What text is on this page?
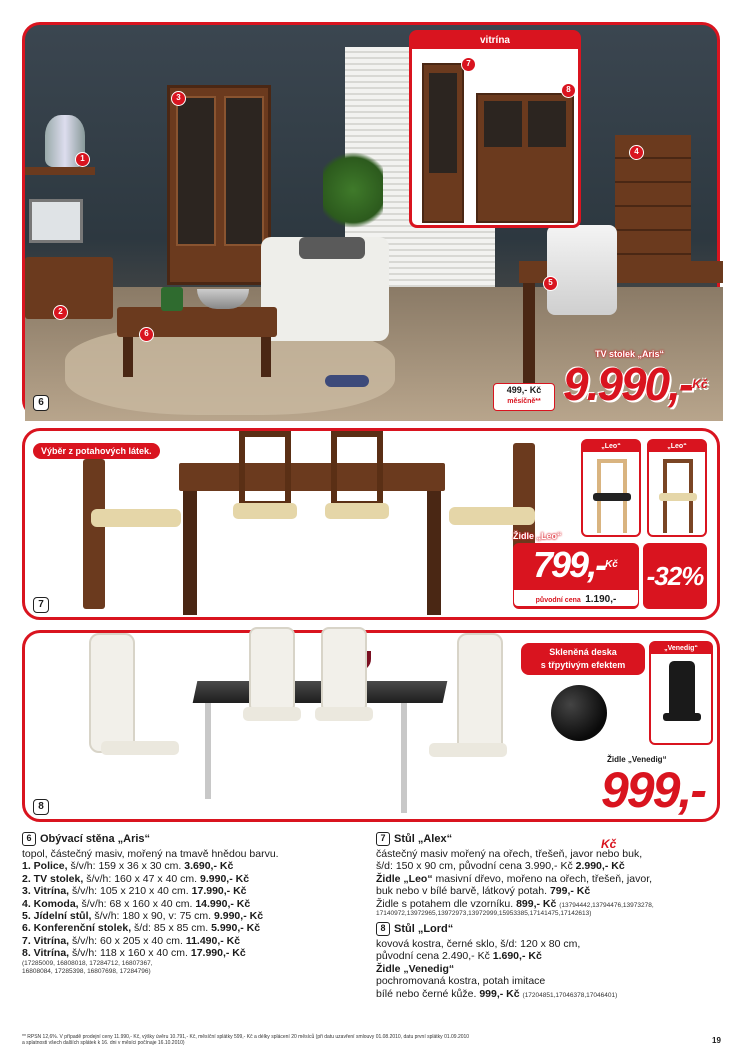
vitrína
1
2
3
4
5
6
7
8
6
TV stolek „Aris“
499,- Kč
měsíčně** 9.990,-$^{Kč}$
Výběr z potahových látek.	„Leo“	„Leo“
Židle „Leo“
799,-$^{Kč}$
původní cena 1.190,-
-32%
7
Skleněná deska
s třpytivým efektem
„Venedig“
Židle „Venedig“
999,-$^{Kč}$
8
6 Obývací stěna „Aris“
topol, částečný masiv, mořený na tmavě hnědou barvu.
1. Police, š/v/h: 159 x 36 x 30 cm. 3.690,- Kč
2. TV stolek, š/v/h: 160 x 47 x 40 cm. 9.990,- Kč
3. Vitrína, š/v/h: 105 x 210 x 40 cm. 17.990,- Kč
4. Komoda, š/v/h: 68 x 160 x 40 cm. 14.990,- Kč
5. Jídelní stůl, š/v/h: 180 x 90, v: 75 cm. 9.990,- Kč
6. Konferenční stolek, š/d: 85 x 85 cm. 5.990,- Kč
7. Vitrína, š/v/h: 60 x 205 x 40 cm. 11.490,- Kč
8. Vitrína, š/v/h: 118 x 160 x 40 cm. 17.990,- Kč
(17285009, 16808018, 17284712, 16807367,
16808084, 17285398, 16807698, 17284796)
7 Stůl „Alex“
částečný masiv mořený na ořech, třešeň, javor nebo buk,
š/d: 150 x 90 cm, původní cena 3.990,- Kč 2.990,- Kč
Židle „Leo“ masivní dřevo, mořeno na ořech, třešeň, javor,
buk nebo v bílé barvě, látkový potah. 799,- Kč
Židle s potahem dle vzorníku. 899,- Kč (13794442,13794476,13973278,
17140972,13972965,13972973,13972999,15953385,17141475,17142613)
8 Stůl „Lord“
kovová kostra, černé sklo, š/d: 120 x 80 cm,
původní cena 2.490,- Kč 1.690,- Kč
Židle „Venedig“
pochromovaná kostra, potah imitace
bílé nebo černé kůže. 999,- Kč (17204851,17046378,17046401)
** RPSN 12,6%. V případě prodejní ceny 11.990,- Kč, výšky úvěru 10.791,- Kč, měsíční splátky 599,- Kč a délky splácení 20 měsíců (při datu uzavření smlouvy 01.08.2010, datu první splátky 01.09.2010
a splatnosti všech dalších splátek k 16. dni v měsíci počínaje 16.10.2010)	19
